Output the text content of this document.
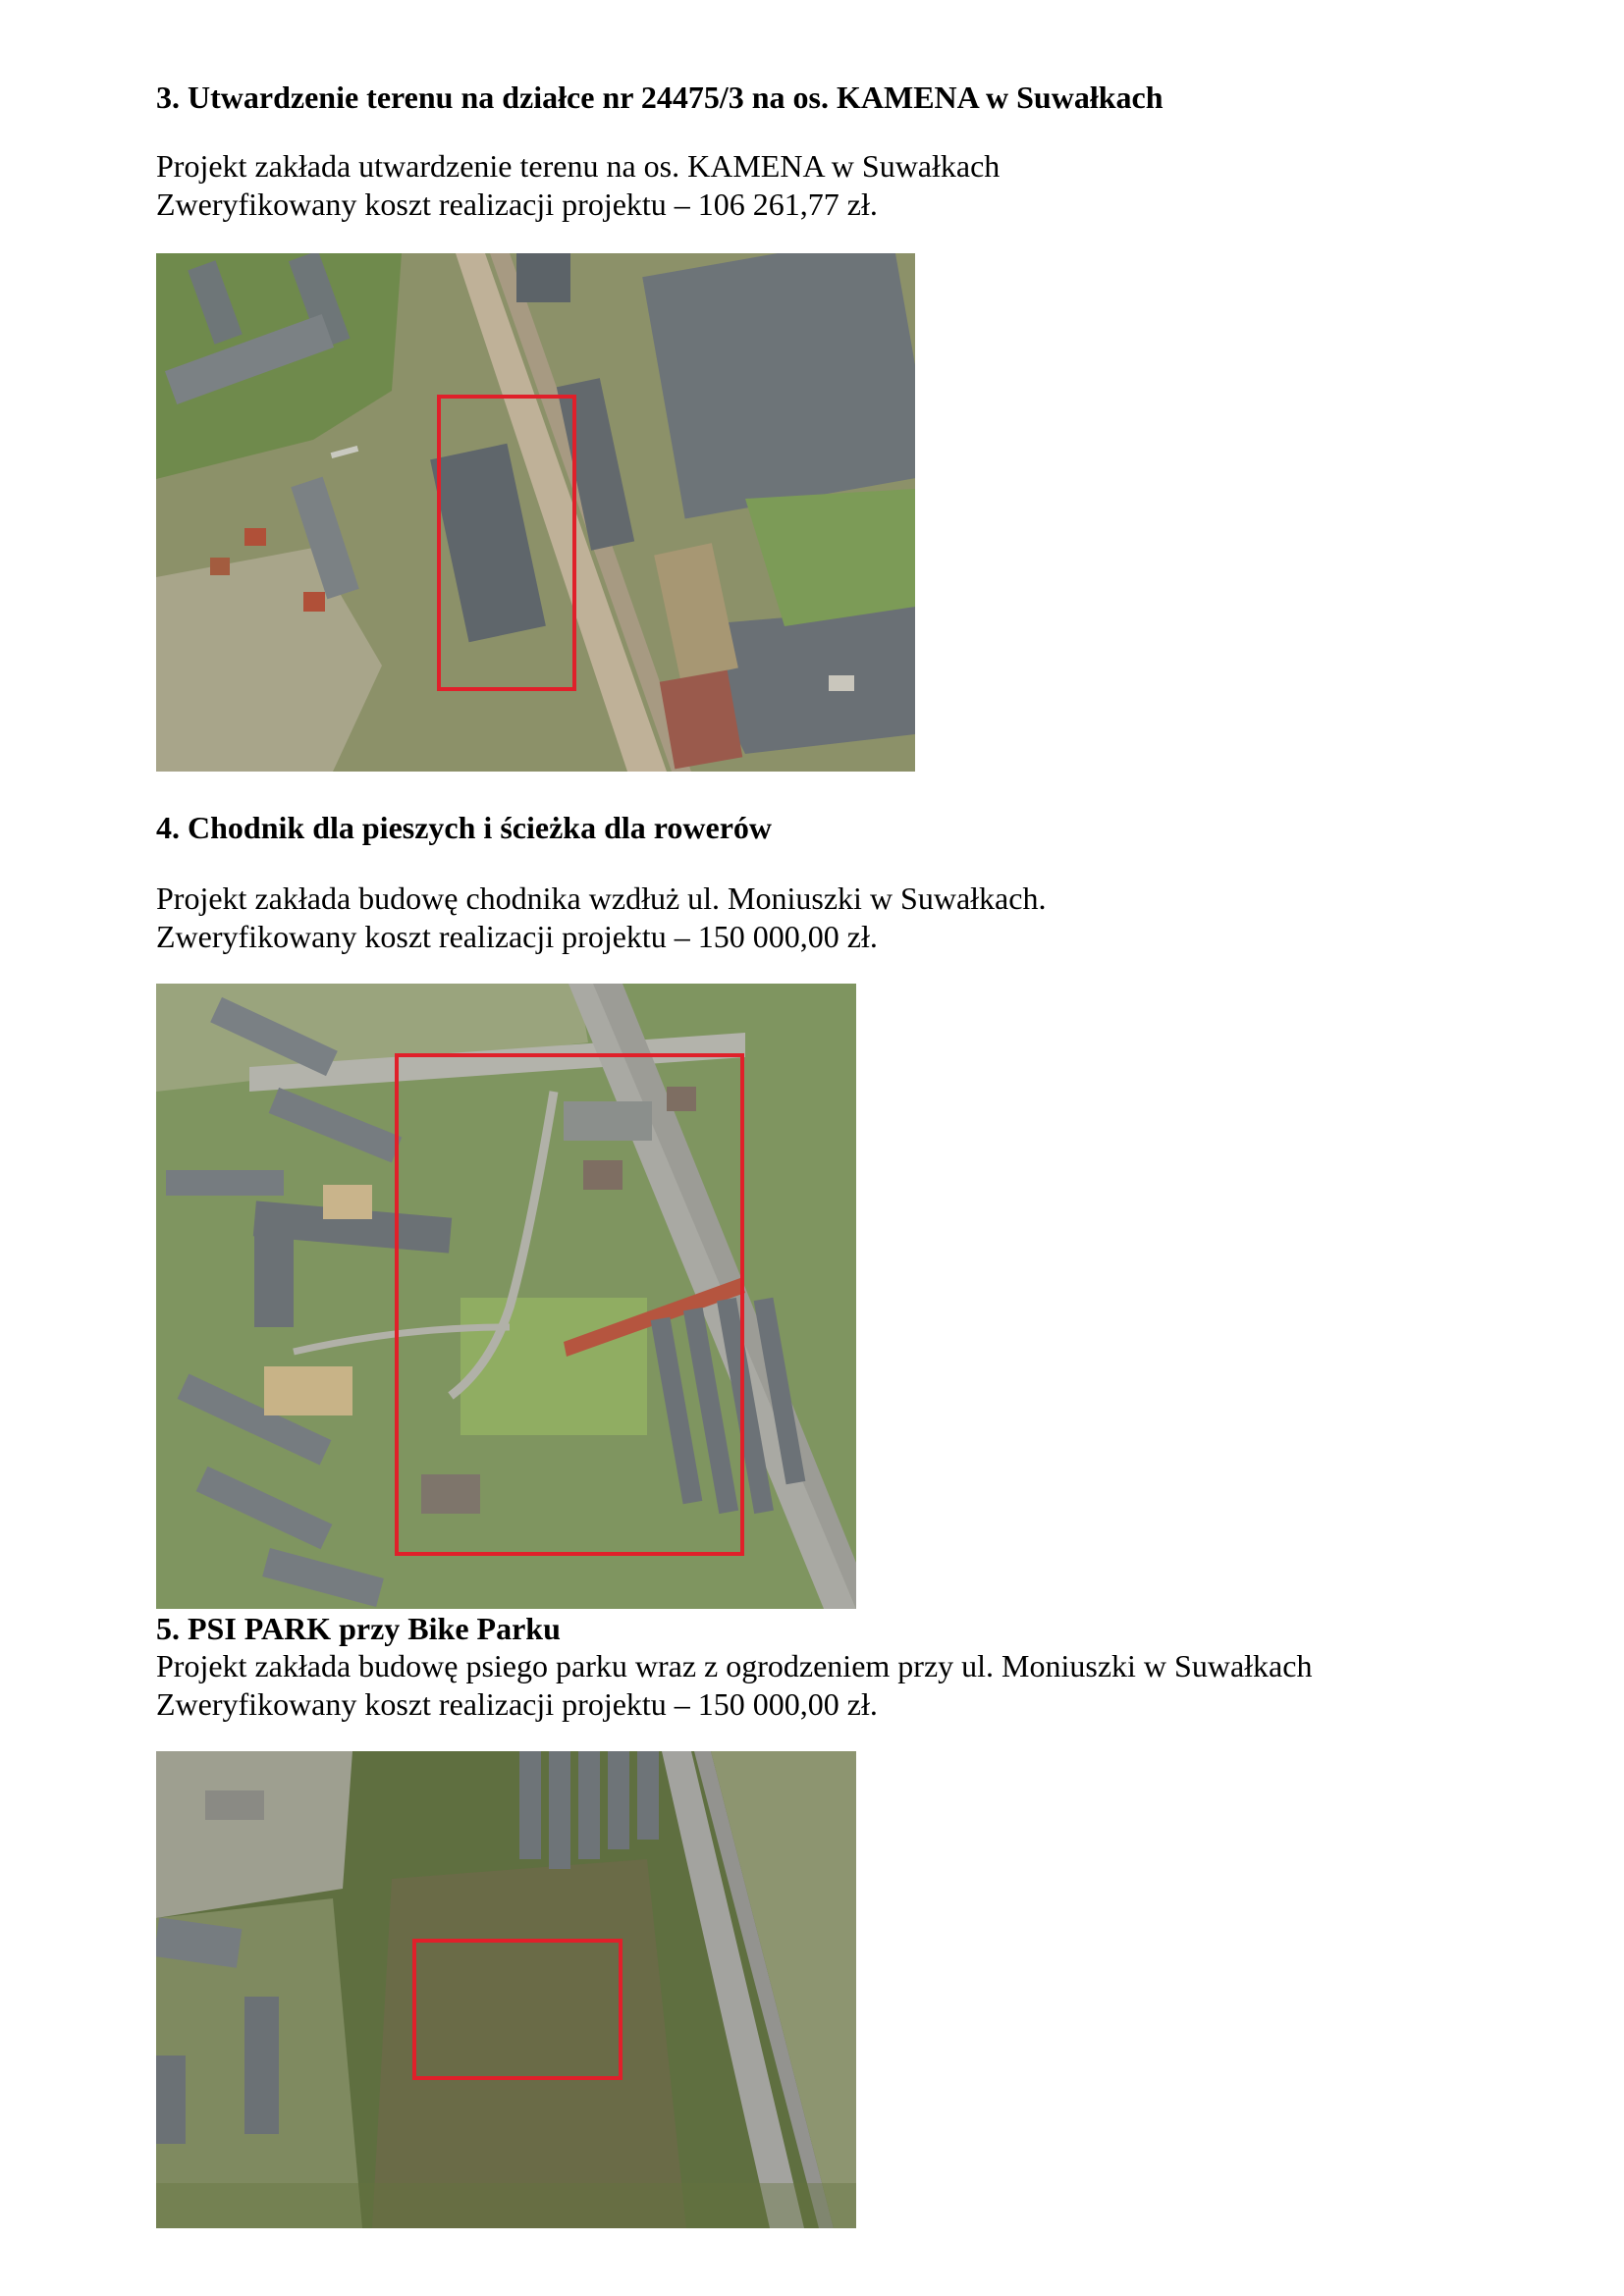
3. Utwardzenie terenu na działce nr 24475/3 na os. KAMENA w Suwałkach
Projekt zakłada utwardzenie terenu na os. KAMENA w Suwałkach
Zweryfikowany koszt realizacji projektu – 106 261,77 zł.
4. Chodnik dla pieszych i ścieżka dla rowerów
Projekt zakłada budowę chodnika wzdłuż ul. Moniuszki w Suwałkach.
Zweryfikowany koszt realizacji projektu – 150 000,00 zł.
5. PSI PARK przy Bike Parku
Projekt zakłada budowę psiego parku wraz z ogrodzeniem przy ul. Moniuszki w Suwałkach
Zweryfikowany koszt realizacji projektu – 150 000,00 zł.
